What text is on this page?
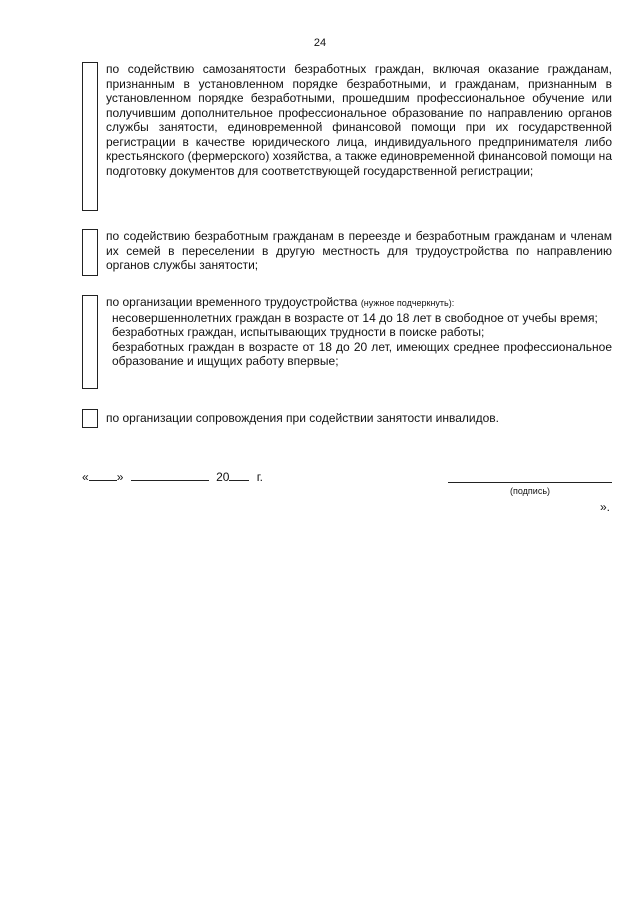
24
по содействию самозанятости безработных граждан, включая оказание гражданам, признанным в установленном порядке безработными, и гражданам, признанным в установленном порядке безработными, прошедшим профессиональное обучение или получившим дополнительное профессиональное образование по направлению органов службы занятости, единовременной финансовой помощи при их государственной регистрации в качестве юридического лица, индивидуального предпринимателя либо крестьянского (фермерского) хозяйства, а также единовременной финансовой помощи на подготовку документов для соответствующей государственной регистрации;
по содействию безработным гражданам в переезде и безработным гражданам и членам их семей в переселении в другую местность для трудоустройства по направлению органов службы занятости;
по организации временного трудоустройства (нужное подчеркнуть):
несовершеннолетних граждан в возрасте от 14 до 18 лет в свободное от учебы время;
безработных граждан, испытывающих трудности в поиске работы;
безработных граждан в возрасте от 18 до 20 лет, имеющих среднее профессиональное образование и ищущих работу впервые;
по организации сопровождения при содействии занятости инвалидов.
« »	20 г.
(подпись)
».
